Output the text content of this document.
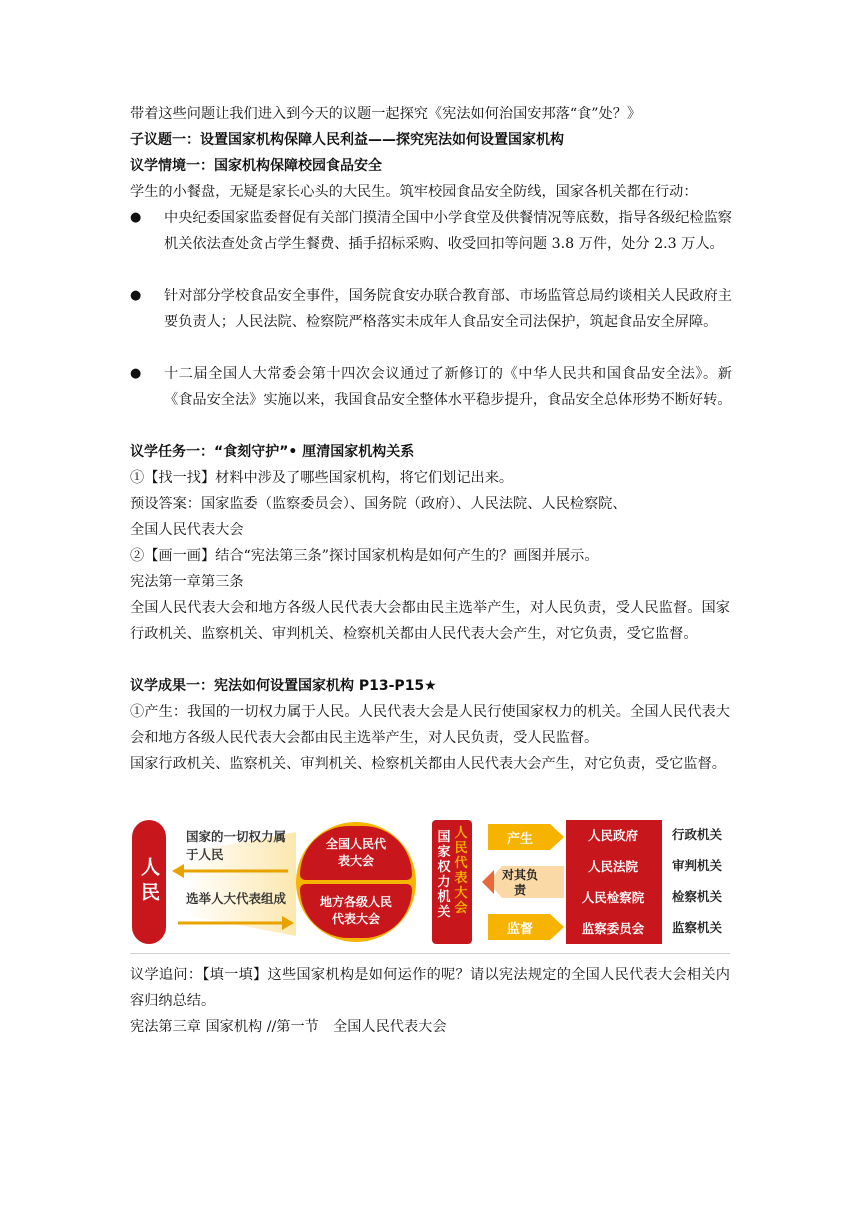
带着这些问题让我们进入到今天的议题一起探究《宪法如何治国安邦落“食”处？》
子议题一：设置国家机构保障人民利益——探究宪法如何设置国家机构
议学情境一：国家机构保障校园食品安全
学生的小餐盘，无疑是家长心头的大民生。筑牢校园食品安全防线，国家各机关都在行动：
● 中央纪委国家监委督促有关部门摸清全国中小学食堂及供餐情况等底数，指导各级纪检监察机关依法查处贪占学生餐费、插手招标采购、收受回扣等问题 3.8 万件，处分 2.3 万人。
● 针对部分学校食品安全事件，国务院食安办联合教育部、市场监管总局约谈相关人民政府主要负责人；人民法院、检察院严格落实未成年人食品安全司法保护，筑起食品安全屏障。
● 十二届全国人大常委会第十四次会议通过了新修订的《中华人民共和国食品安全法》。新《食品安全法》实施以来，我国食品安全整体水平稳步提升，食品安全总体形势不断好转。
议学任务一：“食刻守护”• 厘清国家机构关系
①【找一找】材料中涉及了哪些国家机构，将它们划记出来。
预设答案：国家监委（监察委员会）、国务院（政府）、人民法院、人民检察院、
全国人民代表大会
②【画一画】结合“宪法第三条”探讨国家机构是如何产生的？画图并展示。
宪法第一章第三条
全国人民代表大会和地方各级人民代表大会都由民主选举产生，对人民负责，受人民监督。国家行政机关、监察机关、审判机关、检察机关都由人民代表大会产生，对它负责，受它监督。
议学成果一：宪法如何设置国家机构 P13-P15★
①产生：我国的一切权力属于人民。人民代表大会是人民行使国家权力的机关。全国人民代表大会和地方各级人民代表大会都由民主选举产生，对人民负责，受人民监督。
国家行政机关、监察机关、审判机关、检察机关都由人民代表大会产生，对它负责，受它监督。
议学追问：【填一填】这些国家机构是如何运作的呢？请以宪法规定的全国人民代表大会相关内容归纳总结。
宪法第三章 国家机构 //第一节　全国人民代表大会
人民
国家的一切权力属于人民
选举人大代表组成
全国人民代表大会
地方各级人民代表大会
国家权力机关
人民代表大会
产生
对其负责
监督
人民政府
人民法院
人民检察院
监察委员会
行政机关
审判机关
检察机关
监察机关
